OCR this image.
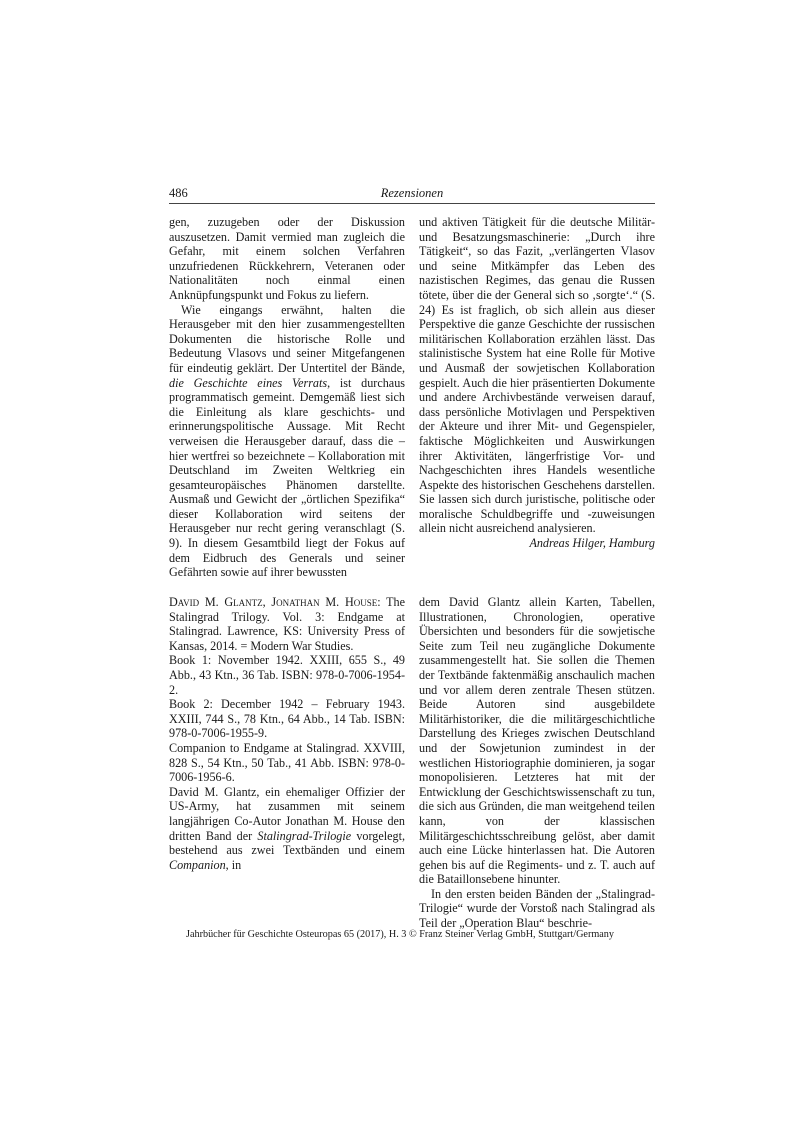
486	Rezensionen

gen, zuzugeben oder der Diskussion auszusetzen. Damit vermied man zugleich die Gefahr, mit einem solchen Verfahren unzufriedenen Rückkehrern, Veteranen oder Nationalitäten noch einmal einen Anknüpfungspunkt und Fokus zu liefern.

Wie eingangs erwähnt, halten die Herausgeber mit den hier zusammengestellten Dokumenten die historische Rolle und Bedeutung Vlasovs und seiner Mitgefangenen für eindeutig geklärt. Der Untertitel der Bände, die Geschichte eines Verrats, ist durchaus programmatisch gemeint. Demgemäß liest sich die Einleitung als klare geschichts- und erinnerungspolitische Aussage. Mit Recht verweisen die Herausgeber darauf, dass die – hier wertfrei so bezeichnete – Kollaboration mit Deutschland im Zweiten Weltkrieg ein gesamteuropäisches Phänomen darstellte. Ausmaß und Gewicht der „örtlichen Spezifika“ dieser Kollaboration wird seitens der Herausgeber nur recht gering veranschlagt (S. 9). In diesem Gesamtbild liegt der Fokus auf dem Eidbruch des Generals und seiner Gefährten sowie auf ihrer bewussten

und aktiven Tätigkeit für die deutsche Militär- und Besatzungsmaschinerie: „Durch ihre Tätigkeit“, so das Fazit, „verlängerten Vlasov und seine Mitkämpfer das Leben des nazistischen Regimes, das genau die Russen tötete, über die der General sich so ‚sorgte‘.“ (S. 24) Es ist fraglich, ob sich allein aus dieser Perspektive die ganze Geschichte der russischen militärischen Kollaboration erzählen lässt. Das stalinistische System hat eine Rolle für Motive und Ausmaß der sowjetischen Kollaboration gespielt. Auch die hier präsentierten Dokumente und andere Archivbestände verweisen darauf, dass persönliche Motivlagen und Perspektiven der Akteure und ihrer Mit- und Gegenspieler, faktische Möglichkeiten und Auswirkungen ihrer Aktivitäten, längerfristige Vor- und Nachgeschichten ihres Handels wesentliche Aspekte des historischen Geschehens darstellen. Sie lassen sich durch juristische, politische oder moralische Schuldbegriffe und -zuweisungen allein nicht ausreichend analysieren.

Andreas Hilger, Hamburg

David M. Glantz, Jonathan M. House: The Stalingrad Trilogy. Vol. 3: Endgame at Stalingrad. Lawrence, KS: University Press of Kansas, 2014. = Modern War Studies.

Book 1: November 1942. XXIII, 655 S., 49 Abb., 43 Ktn., 36 Tab. ISBN: 978-0-7006-1954-2.

Book 2: December 1942 – February 1943. XXIII, 744 S., 78 Ktn., 64 Abb., 14 Tab. ISBN: 978-0-7006-1955-9.

Companion to Endgame at Stalingrad. XXVIII, 828 S., 54 Ktn., 50 Tab., 41 Abb. ISBN: 978-0-7006-1956-6.

David M. Glantz, ein ehemaliger Offizier der US-Army, hat zusammen mit seinem langjährigen Co-Autor Jonathan M. House den dritten Band der Stalingrad-Trilogie vorgelegt, bestehend aus zwei Textbänden und einem Companion, in

dem David Glantz allein Karten, Tabellen, Illustrationen, Chronologien, operative Übersichten und besonders für die sowjetische Seite zum Teil neu zugängliche Dokumente zusammengestellt hat. Sie sollen die Themen der Textbände faktenmäßig anschaulich machen und vor allem deren zentrale Thesen stützen. Beide Autoren sind ausgebildete Militärhistoriker, die die militärgeschichtliche Darstellung des Krieges zwischen Deutschland und der Sowjetunion zumindest in der westlichen Historiographie dominieren, ja sogar monopolisieren. Letzteres hat mit der Entwicklung der Geschichtswissenschaft zu tun, die sich aus Gründen, die man weitgehend teilen kann, von der klassischen Militärgeschichtsschreibung gelöst, aber damit auch eine Lücke hinterlassen hat. Die Autoren gehen bis auf die Regiments- und z. T. auch auf die Bataillonsebene hinunter.

In den ersten beiden Bänden der „Stalingrad-Trilogie“ wurde der Vorstoß nach Stalingrad als Teil der „Operation Blau“ beschrie-

Jahrbücher für Geschichte Osteuropas 65 (2017), H. 3 © Franz Steiner Verlag GmbH, Stuttgart/Germany
